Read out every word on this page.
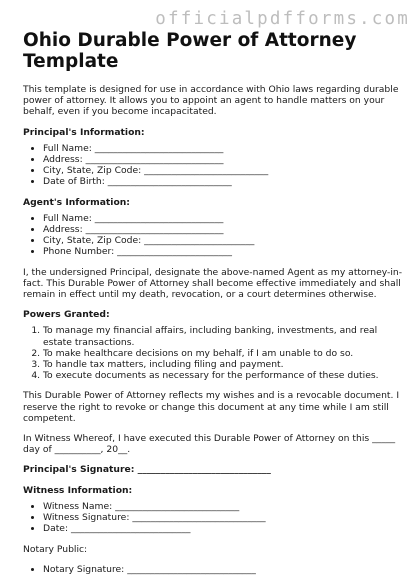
officialpdfforms.com
Ohio Durable Power of Attorney
Template

This template is designed for use in accordance with Ohio laws regarding durable power of attorney. It allows you to appoint an agent to handle matters on your behalf, even if you become incapacitated.

Principal's Information:
• Full Name: ____________________________
• Address: ______________________________
• City, State, Zip Code: ___________________________
• Date of Birth: ___________________________
Agent's Information:
• Full Name: ____________________________
• Address: ______________________________
• City, State, Zip Code: ________________________
• Phone Number: _________________________

I, the undersigned Principal, designate the above-named Agent as my attorney-in-fact. This Durable Power of Attorney shall become effective immediately and shall remain in effect until my death, revocation, or a court determines otherwise.

Powers Granted:
1. To manage my financial affairs, including banking, investments, and real estate transactions.
2. To make healthcare decisions on my behalf, if I am unable to do so.
3. To handle tax matters, including filing and payment.
4. To execute documents as necessary for the performance of these duties.

This Durable Power of Attorney reflects my wishes and is a revocable document. I reserve the right to revoke or change this document at any time while I am still competent.

In Witness Whereof, I have executed this Durable Power of Attorney on this _____ day of __________, 20__.

Principal's Signature: _____________________________
Witness Information:
• Witness Name: ___________________________
• Witness Signature: _____________________________
• Date: __________________________

Notary Public:

• Notary Signature: ____________________________
